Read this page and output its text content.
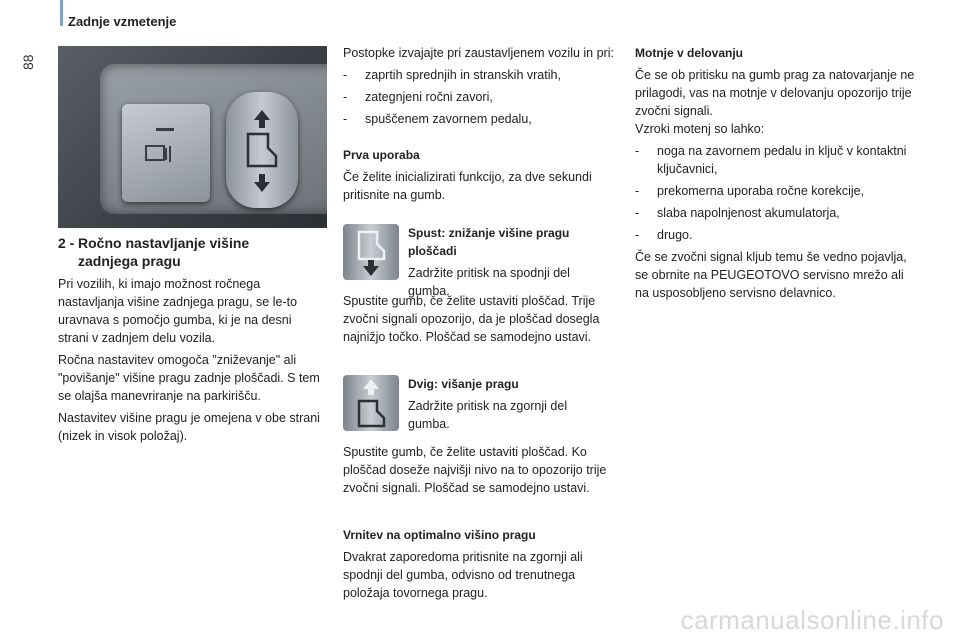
88
Zadnje vzmetenje
2 - Ročno nastavljanje višine
zadnjega pragu

Pri vozilih, ki imajo možnost ročnega nastavljanja višine zadnjega pragu, se le-to uravnava s pomočjo gumba, ki je na desni strani v zadnjem delu vozila.

Ročna nastavitev omogoča "zniževanje" ali "povišanje" višine pragu zadnje ploščadi. S tem se olajša manevriranje na parkirišču.

Nastavitev višine pragu je omejena v obe strani (nizek in visok položaj).

Postopke izvajajte pri zaustavljenem vozilu in pri:

- zaprtih sprednjih in stranskih vratih,

- zategnjeni ročni zavori,

- spuščenem zavornem pedalu,

Prva uporaba

Če želite inicializirati funkcijo, za dve sekundi pritisnite na gumb.

Spust: znižanje višine pragu ploščadi

Zadržite pritisk na spodnji del gumba.

Spustite gumb, če želite ustaviti ploščad. Trije zvočni signali opozorijo, da je ploščad dosegla najnižjo točko. Ploščad se samodejno ustavi.

Dvig: višanje pragu

Zadržite pritisk na zgornji del gumba.

Spustite gumb, če želite ustaviti ploščad. Ko ploščad doseže najvišji nivo na to opozorijo trije zvočni signali. Ploščad se samodejno ustavi.

Vrnitev na optimalno višino pragu

Dvakrat zaporedoma pritisnite na zgornji ali spodnji del gumba, odvisno od trenutnega položaja tovornega pragu.

Motnje v delovanju

Če se ob pritisku na gumb prag za natovarjanje ne prilagodi, vas na motnje v delovanju opozorijo trije zvočni signali.

Vzroki motenj so lahko:

- noga na zavornem pedalu in ključ v kontaktni ključavnici,

- prekomerna uporaba ročne korekcije,

- slaba napolnjenost akumulatorja,

- drugo.

Če se zvočni signal kljub temu še vedno pojavlja, se obrnite na PEUGEOTOVO servisno mrežo ali na usposobljeno servisno delavnico.

carmanualsonline.info
